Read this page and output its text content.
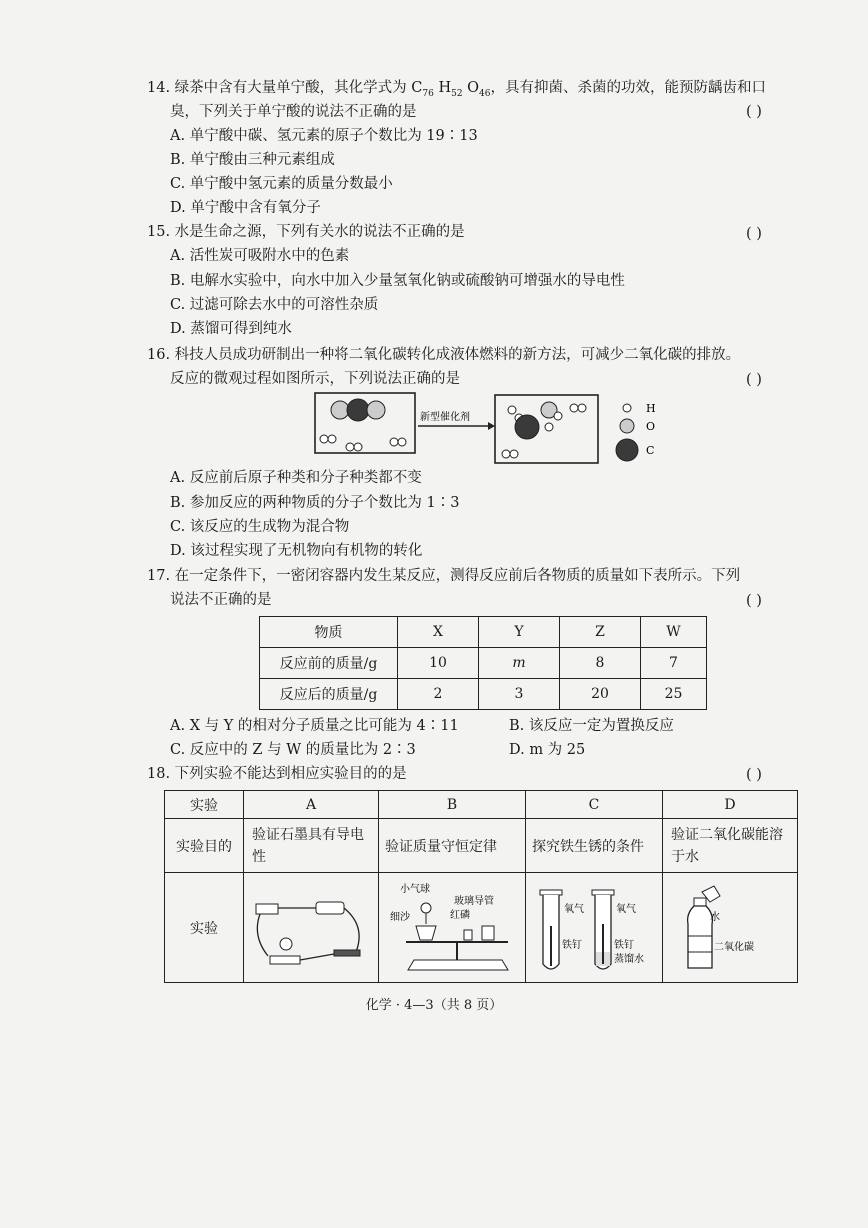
14. 绿茶中含有大量单宁酸，其化学式为 $C_{76}$ $H_{52}$ $O_{46}$，具有抑菌、杀菌的功效，能预防龋齿和口
臭，下列关于单宁酸的说法不正确的是	( )
A. 单宁酸中碳、氢元素的原子个数比为 19∶13
B. 单宁酸由三种元素组成
C. 单宁酸中氢元素的质量分数最小
D. 单宁酸中含有氧分子
15. 水是生命之源，下列有关水的说法不正确的是	( )
A. 活性炭可吸附水中的色素
B. 电解水实验中，向水中加入少量氢氧化钠或硫酸钠可增强水的导电性
C. 过滤可除去水中的可溶性杂质
D. 蒸馏可得到纯水
16. 科技人员成功研制出一种将二氧化碳转化成液体燃料的新方法，可减少二氧化碳的排放。
反应的微观过程如图所示，下列说法正确的是	( )
新型催化剂
H
O
C
A. 反应前后原子种类和分子种类都不变
B. 参加反应的两种物质的分子个数比为 1∶3
C. 该反应的生成物为混合物
D. 该过程实现了无机物向有机物的转化
17. 在一定条件下，一密闭容器内发生某反应，测得反应前后各物质的质量如下表所示。下列
说法不正确的是	( )
物质	X	Y	Z	W
反应前的质量/g	10	m	8	7
反应后的质量/g	2	3	20	25
A. X 与 Y 的相对分子质量之比可能为 4∶11	B. 该反应一定为置换反应
C. 反应中的 Z 与 W 的质量比为 2∶3	D. m 为 25
18. 下列实验不能达到相应实验目的的是	( )
实验	A	B	C	D
实验目的	验证石墨具有导电性	验证质量守恒定律	探究铁生锈的条件	验证二氧化碳能溶于水
实验				
小气球
玻璃导管
红磷
细沙
氧气
铁钉
氧气
铁钉
蒸馏水
水
二氧化碳
化学 · 4—3（共 8 页）
